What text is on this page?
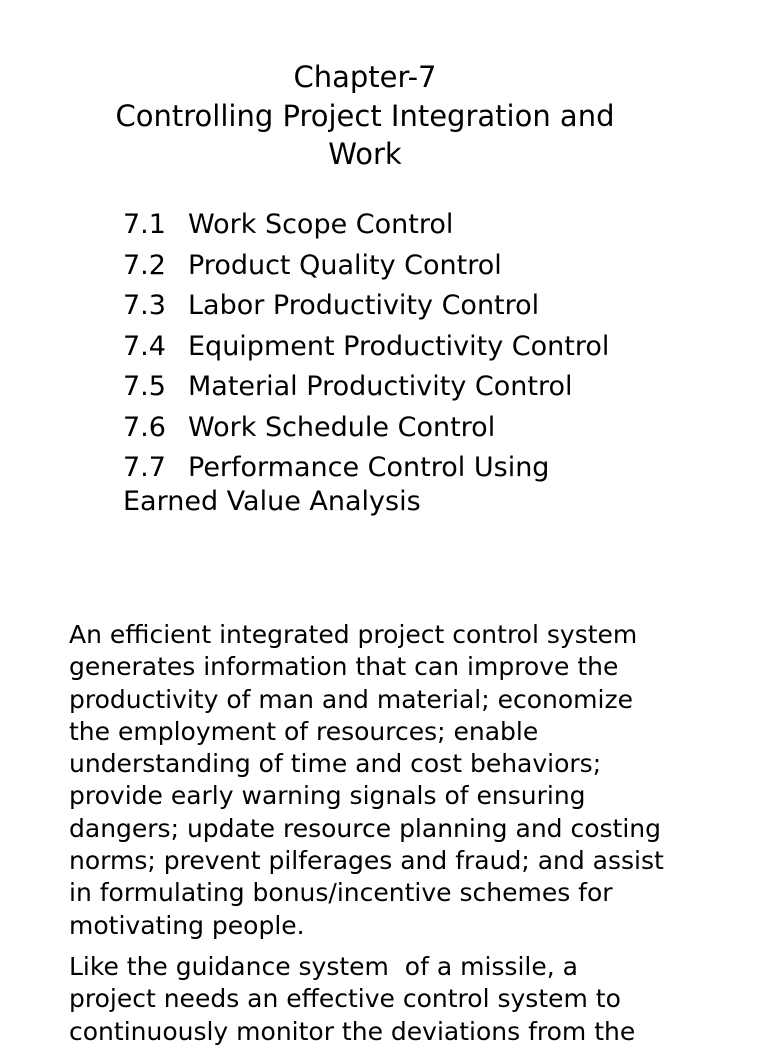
Chapter-7
Controlling Project Integration and
Work
7.1 Work Scope Control
7.2 Product Quality Control
7.3 Labor Productivity Control
7.4 Equipment Productivity Control
7.5 Material Productivity Control
7.6 Work Schedule Control
7.7 Performance Control Using
Earned Value Analysis
An efficient integrated project control system
generates information that can improve the
productivity of man and material; economize
the employment of resources; enable
understanding of time and cost behaviors;
provide early warning signals of ensuring
dangers; update resource planning and costing
norms; prevent pilferages and fraud; and assist
in formulating bonus/incentive schemes for
motivating people.
Like the guidance system  of a missile, a
project needs an effective control system to
continuously monitor the deviations from the
